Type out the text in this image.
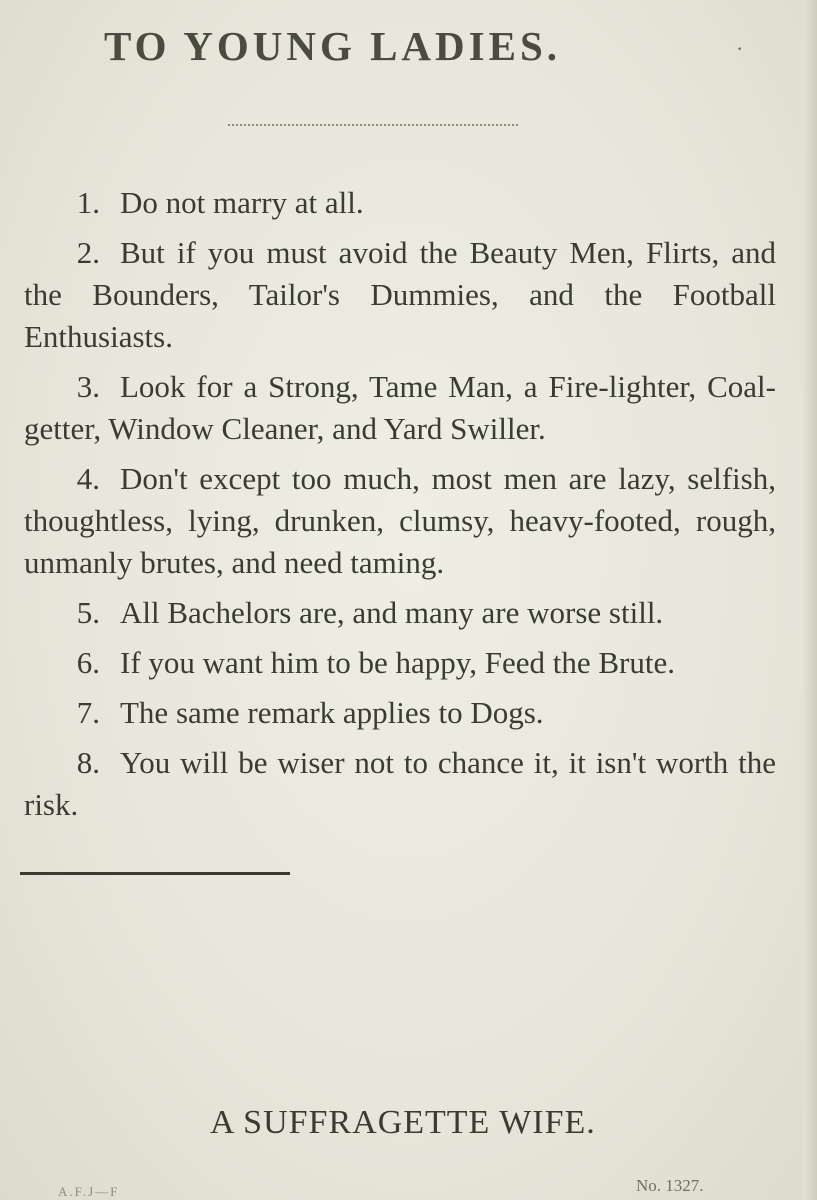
TO YOUNG LADIES.	·
1. Do not marry at all.
2. But if you must avoid the Beauty Men, Flirts, and the Bounders, Tailor's Dummies, and the Football Enthusiasts.
3. Look for a Strong, Tame Man, a Fire-lighter, Coal-getter, Window Cleaner, and Yard Swiller.
4. Don't except too much, most men are lazy, selfish, thoughtless, lying, drunken, clumsy, heavy-footed, rough, unmanly brutes, and need taming.
5. All Bachelors are, and many are worse still.
6. If you want him to be happy, Feed the Brute.
7. The same remark applies to Dogs.
8. You will be wiser not to chance it, it isn't worth the risk.
A SUFFRAGETTE WIFE.
A.F.J—F	No. 1327.
